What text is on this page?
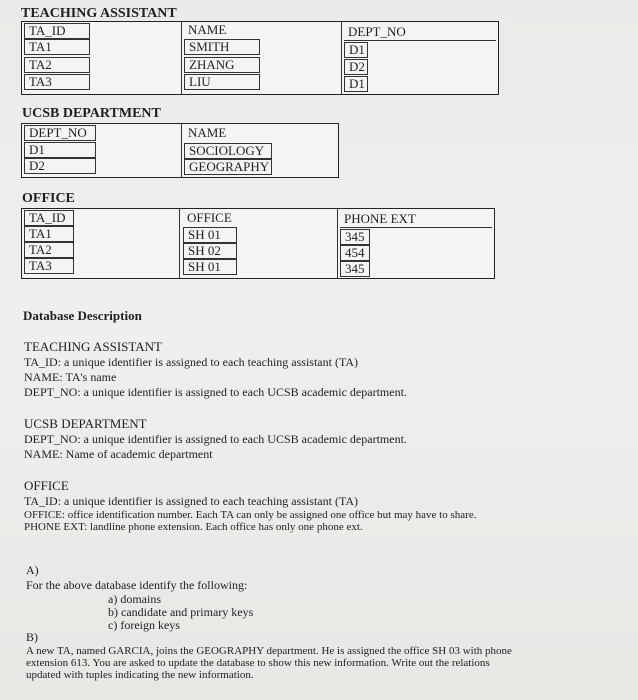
TEACHING ASSISTANT
TA_ID
TA1
TA2
TA3
NAME
SMITH
ZHANG
LIU
DEPT_NO
D1
D2
D1
UCSB DEPARTMENT
DEPT_NO
D1
D2
NAME
SOCIOLOGY
GEOGRAPHY
OFFICE
TA_ID
TA1
TA2
TA3
OFFICE
SH 01
SH 02
SH 01
PHONE EXT
345
454
345
Database Description
TEACHING ASSISTANT
TA_ID: a unique identifier is assigned to each teaching assistant (TA)
NAME: TA's name
DEPT_NO: a unique identifier is assigned to each UCSB academic department.
UCSB DEPARTMENT
DEPT_NO: a unique identifier is assigned to each UCSB academic department.
NAME: Name of academic department
OFFICE
TA_ID: a unique identifier is assigned to each teaching assistant (TA)
OFFICE: office identification number. Each TA can only be assigned one office but may have to share.
PHONE EXT: landline phone extension. Each office has only one phone ext.
A)
For the above database identify the following:
a) domains
b) candidate and primary keys
c) foreign keys
B)
A new TA, named GARCIA, joins the GEOGRAPHY department. He is assigned the office SH 03 with phone
extension 613. You are asked to update the database to show this new information. Write out the relations
updated with tuples indicating the new information.
